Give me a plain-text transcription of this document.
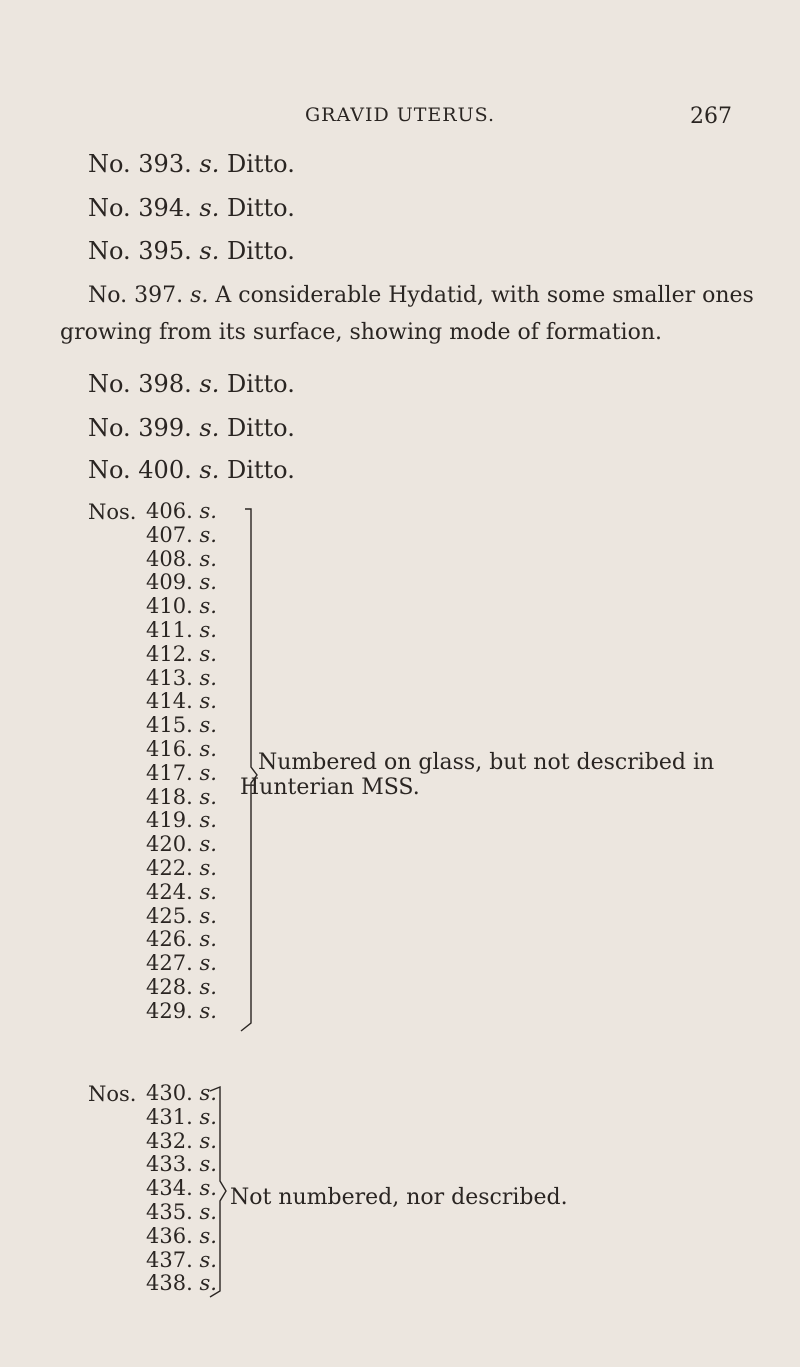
GRAVID UTERUS.	267
No. 393. s. Ditto.
No. 394. s. Ditto.
No. 395. s. Ditto.
No. 397. s. A considerable Hydatid, with some smaller ones
growing from its surface, showing mode of formation.
No. 398. s. Ditto.
No. 399. s. Ditto.
No. 400. s. Ditto.
Nos. 406. s.
407. s.
408. s.
409. s.
410. s.
411. s.
412. s.
413. s.
414. s.
415. s.
416. s.
417. s.
418. s.
419. s.
420. s.
422. s.
424. s.
425. s.
426. s.
427. s.
428. s.
429. s.
Numbered on glass, but not described in
Hunterian MSS.
Nos. 430. s.
431. s.
432. s.
433. s.
434. s.
435. s.
436. s.
437. s.
438. s.
Not numbered, nor described.
